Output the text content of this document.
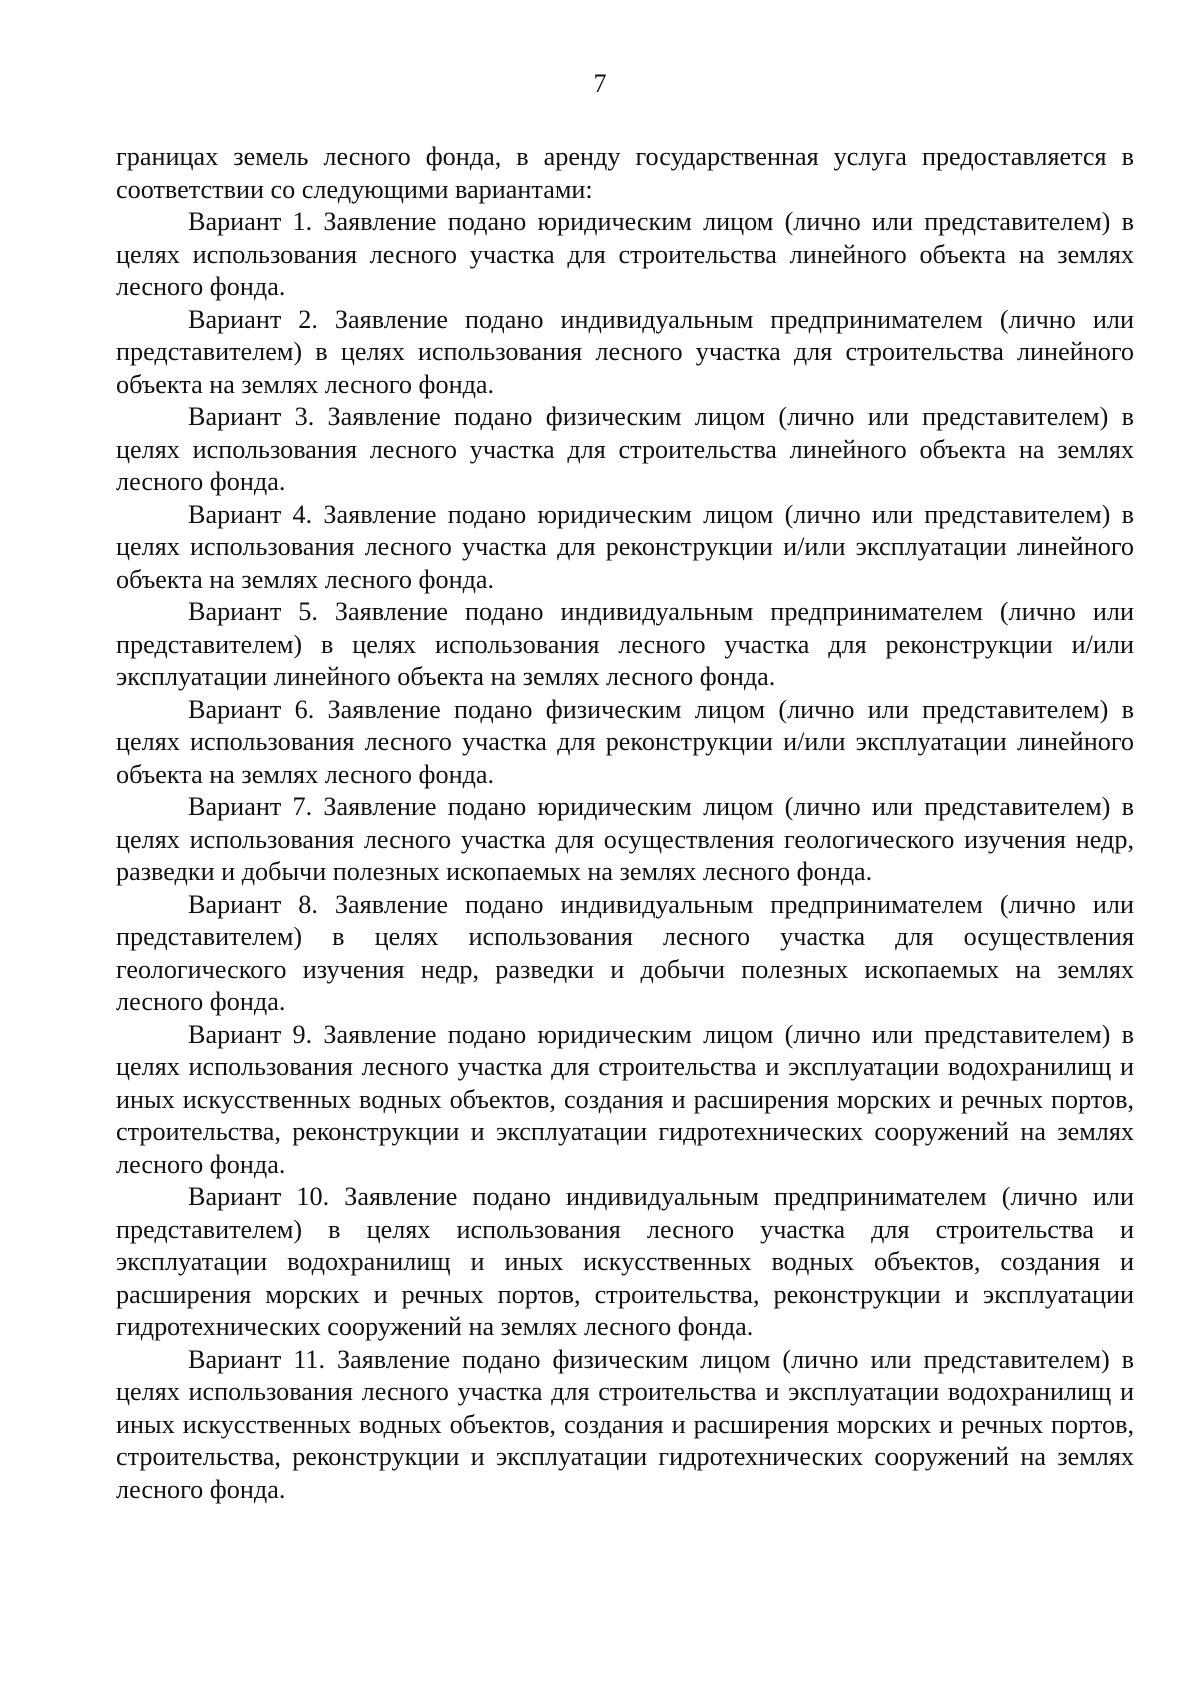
7

границах земель лесного фонда, в аренду государственная услуга предоставляется в соответствии со следующими вариантами:

Вариант 1. Заявление подано юридическим лицом (лично или представителем) в целях использования лесного участка для строительства линейного объекта на землях лесного фонда.

Вариант 2. Заявление подано индивидуальным предпринимателем (лично или представителем) в целях использования лесного участка для строительства линейного объекта на землях лесного фонда.

Вариант 3. Заявление подано физическим лицом (лично или представителем) в целях использования лесного участка для строительства линейного объекта на землях лесного фонда.

Вариант 4. Заявление подано юридическим лицом (лично или представителем) в целях использования лесного участка для реконструкции и/или эксплуатации линейного объекта на землях лесного фонда.

Вариант 5. Заявление подано индивидуальным предпринимателем (лично или представителем) в целях использования лесного участка для реконструкции и/или эксплуатации линейного объекта на землях лесного фонда.

Вариант 6. Заявление подано физическим лицом (лично или представителем) в целях использования лесного участка для реконструкции и/или эксплуатации линейного объекта на землях лесного фонда.

Вариант 7. Заявление подано юридическим лицом (лично или представителем) в целях использования лесного участка для осуществления геологического изучения недр, разведки и добычи полезных ископаемых на землях лесного фонда.

Вариант 8. Заявление подано индивидуальным предпринимателем (лично или представителем) в целях использования лесного участка для осуществления геологического изучения недр, разведки и добычи полезных ископаемых на землях лесного фонда.

Вариант 9. Заявление подано юридическим лицом (лично или представителем) в целях использования лесного участка для строительства и эксплуатации водохранилищ и иных искусственных водных объектов, создания и расширения морских и речных портов, строительства, реконструкции и эксплуатации гидротехнических сооружений на землях лесного фонда.

Вариант 10. Заявление подано индивидуальным предпринимателем (лично или представителем) в целях использования лесного участка для строительства и эксплуатации водохранилищ и иных искусственных водных объектов, создания и расширения морских и речных портов, строительства, реконструкции и эксплуатации гидротехнических сооружений на землях лесного фонда.

Вариант 11. Заявление подано физическим лицом (лично или представителем) в целях использования лесного участка для строительства и эксплуатации водохранилищ и иных искусственных водных объектов, создания и расширения морских и речных портов, строительства, реконструкции и эксплуатации гидротехнических сооружений на землях лесного фонда.
